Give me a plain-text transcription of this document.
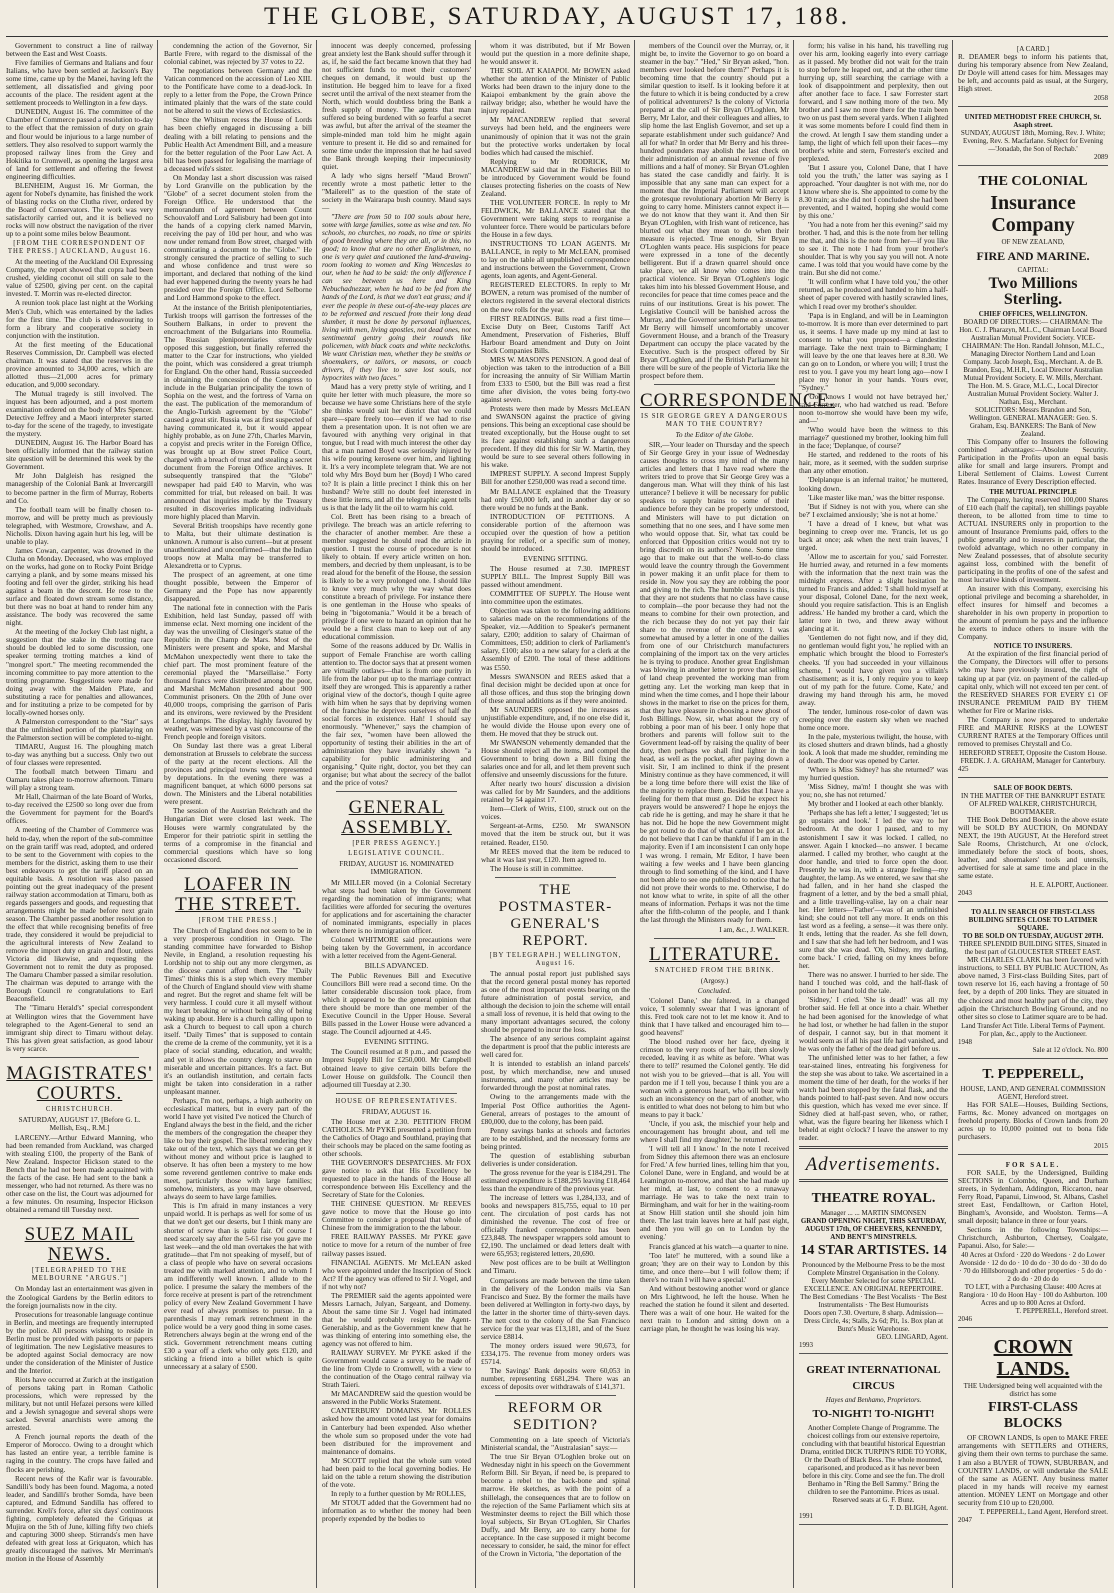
THE GLOBE, SATURDAY, AUGUST 17, 188.

Government to construct a line of railway between the East and West Coasts.

Five families of Germans and Italians and four Italians, who have been settled at Jackson's Bay some time, came up by the Manei, having left the settlement, all dissatisfied and giving poor accounts of the place. The resident agent at the settlement proceeds to Wellington in a few days.

DUNEDIN, August 16. The committee of the Chamber of Commerce passed a resolution to-day to the effect that the remission of duty on grain and flour would be injurious to a large number of settlers. They also resolved to support warmly the proposed railway lines from the Grey and Hokitika to Cromwell, as opening the largest area of land for settlement and offering the fewest engineering difficulties.

BLENHEIM, August 16. Mr Gorman, the agent for Nobel's dynamite, has finished the work of blasting rocks on the Clutha river, ordered by the Board of Conservators. The work was very satisfactorily carried out, and it is believed no rocks will now obstruct the navigation of the river up to a point some miles below Beaumont.

[FROM THE CORRESPONDENT OF THE PRESS.] AUCKLAND, August 16.

At the meeting of the Auckland Oil Expressing Company, the report showed that copra had been crushed, yielding coconut oil still on sale to the value of £2500, giving per cent. on the capital invested. T. Morrin was re-elected director.

A reunion took place last night at the Working Men's Club, which was entertained by the ladies for the first time. The club is endeavouring to form a library and cooperative society in conjunction with the institution.

At the first meeting of the Educational Reserves Commission, Dr. Campbell was elected chairman. It was stated that the reserves in the province amounted to 34,000 acres, which are allotted thus—21,000 acres for primary education, and 9,000 secondary.

The Mutual tragedy is still involved. The inquest has been adjourned, and a post mortem examination ordered on the body of Mrs Spencer. Detective Jeffrey and a Maori interpreter started to-day for the scene of the tragedy, to investigate the mystery.

DUNEDIN, August 16. The Harbor Board has been officially informed that the railway station site question will be determined this week by the Government.

Mr John Dalgleish has resigned the managership of the Colonial Bank at Invercargill to become partner in the firm of Murray, Roberts and Co.

The football team will be finally chosen to-morrow, and will be pretty much as previously telegraphed, with Westmore, Crowshaw, and A. Nicholls. Dixon having again hurt his leg, will be unable to play.

James Cowan, carpenter, was drowned in the Clutha on Monday. Deceased, who was employed on the works, had gone on to Rocky Point Bridge carrying a plank, and by some means missed his footing and fell over the girder, striking his head against a beam in the descent. He rose to the surface and floated down stream some distance, but there was no boat at hand to render him any assistance. The body was recovered the same night.

At the meeting of the Jockey Club last night, a suggestion that the stake in the trotting race should be doubled led to some discussion, one speaker terming trotting matches a kind of "mongrel sport." The meeting recommended the incoming committee to pay more attention to the trotting programme. Suggestions were made for doing away with the Maiden Plate, and substituting a race for penalties and allowances, and for instituting a prize to be competed for by locally-owned horses only.

A Palmerston correspondent to the "Star" says that the unfinished portion of the platelaying on the Palmerston section will be completed to-night.

TIMARU, August 16. The ploughing match to-day was anything but a success. Only two out of four classes were represented.

The football match between Timaru and Oamaru takes place to-morrow afternoon. Timaru will play a strong team.

Mr Hall, Chairman of the late Board of Works, to-day received the £2500 so long over due from the Government for payment for the Board's offices.

A meeting of the Chamber of Commerce was held to-day, when the report of the sub-committee on the grain tariff was read, adopted, and ordered to be sent to the Government with copies to the members for the district, asking them to use their best endeavours to get the tariff placed on an equitable basis. A resolution was also passed pointing out the great inadequacy of the present railway station accommodation at Timaru, both as regards passengers and goods, and requesting that arrangements might be made before next grain season. The Chamber passed another resolution to the effect that while recognising benefits of free trade, they considered it would be prejudicial to the agricultural interests of New Zealand to remove the import duty on grain and flour, unless Victoria did likewise, and requesting the Government not to remit the duty as proposed. The Oamaru Chamber passed a similar resolution. The chairman was deputed to arrange with the Borough Council re congratulations to Earl Beaconsfield.

The "Timaru Herald's" special correspondent at Wellington wires that the Government have telegraphed to the Agent-General to send an immigrant ship direct to Timaru without delay. This has given great satisfaction, as good labour is very scarce.

MAGISTRATES' COURTS.
CHRISTCHURCH.
SATURDAY, AUGUST 17. [Before G. L. Mellish, Esq., R.M.]

LARCENY.—Arthur Edward Manning, who had been remanded from Auckland, was charged with stealing £100, the property of the Bank of New Zealand. Inspector Hickson stated to the Bench that he had not been made acquainted with the facts of the case. He had sent to the bank a messenger, who had not returned. As there was no other case on the list, the Court was adjourned for a few minutes. On resuming, Inspector Hickson obtained a remand till Tuesday next.

SUEZ MAIL NEWS.
[TELEGRAPHED TO THE MELBOURNE "ARGUS."]

On Monday last an entertainment was given in the Zoological Gardens by the Berlin editors to the foreign journalists now in the city.

Prosecutions for treasonable language continue in Berlin, and meetings are frequently interrupted by the police. All persons wishing to reside in Berlin must be provided with passports or papers of legitimation. The new Legislative measures to be adopted against Social democracy are now under the consideration of the Minister of Justice and the Interior.

Riots have occurred at Zurich at the instigation of persons taking part in Roman Catholic processions, which were repressed by the military, but not until Hefazei persons were killed and a Jewish synagogue and several shops were sacked. Several anarchists were among the arrested.

A French journal reports the death of the Emperor of Morocco. Owing to a drought which has lasted an entire year, a terrible famine is raging in the country. The crops have failed and flocks are perishing.

Recent news of the Kafir war is favourable. Sandilli's body has been found. Magoma, a noted leader, and Sandilli's brother Somda, have been captured, and Edmund Sandilla has offered to surrender. Kreli's force, after six days' continuous fighting, completely defeated the Griquas at Mujira on the 5th of June, killing fifty two chiefs and capturing 3000 sheep. Stirrands's men have defeated with great loss at Griquaton, which has greatly discouraged the natives. Mr Merriman's motion in the House of Assembly

condemning the action of the Governor, Sir Bartle Frere, with regard to the dismissal of the colonial cabinet, was rejected by 37 votes to 22.

The negotiations between Germany and the Vatican commenced on the accession of Leo XIII. to the Pontificate have come to a dead-lock. In reply to a letter from the Pope, the Crown Prince intimated plainly that the wars of the state could not be altered to suit the views of Ecclesiastics.

Since the Whitsun recess the House of Lords has been chiefly engaged in discussing a bill dealing with a bill relating to pensions and the Public Health Act Amendment Bill, and a measure for the better regulation of the Poor Law Act. A bill has been passed for legalising the marriage of a deceased wife's sister.

On Monday last a short discussion was raised by Lord Granville on the publication by the "Globe" of a secret document stolen from the Foreign Office. He understood that the memorandum of agreement between Count Schouvaloff and Lord Salisbury had been got into the hands of a copying clerk named Marvin, receiving the pay of 10d per hour, and who was now under remand from Bow street, charged with communicating a document to the "Globe." He strongly censured the practice of selling to such and whose confidence and trust were so important, and declared that nothing of the kind had ever happened during the twenty years he had presided over the Foreign Office. Lord Selborne and Lord Hammond spoke to the effect.

At the instance of the British plenipotentiaries, Turkish troops will garrison the fortresses of the Southern Balkans, in order to prevent the encroachment of the Bulgarians into Roumelia. The Russian plenipotentiaries strenuously opposed this suggestion, but finally referred the matter to the Czar for instructions, who yielded the point, which was considered a great triumph for England. On the other hand, Russia succeeded in obtaining the concession of the Congress to include in the Bulgarian principality the town of Sophia on the west, and the fortress of Varna on the east. The publication of the memorandum of the Anglo-Turkish agreement by the "Globe" caused a great stir. Russia was at first suspected of having communicated it, but it would appear highly probable, as on June 27th, Charles Marvin, a copyist and precis writer in the Foreign Office, was brought up at Bow street Police Court, charged with a breach of trust and stealing a secret document from the Foreign Office archives. It subsequently transpired that the "Globe" newspaper had paid £40 to Marvin, who was committed for trial, but released on bail. It was announced that inquiries made by the Treasury resulted in discoveries implicating individuals more highly placed than Marvin.

Several British troopships have recently gone to Malta, but their ultimate destination is unknown. A rumour is also current—but at present unauthenticated and unconfirmed—that the Indian troops now at Malta may be transferred to Alexandretta or to Cyprus.

The prospect of an agreement, at one time thought possible, between the Emperor of Germany and the Pope has now apparently disappeared.

The national fete in connection with the Paris Exhibition, held last Sunday, passed off with immense eclat. Next morning one incident of the day was the unveiling of Clesinger's statue of the Republic in the Champ de Mars. Most of the Ministers were present and spoke, and Marshal McMahon unexpectedly went there to take the chief part. The most prominent feature of the ceremonial played the "Marseillaise." Forty thousand francs were distributed among the poor, and Marshal McMahon presented about 900 Communist prisoners. On the 20th of June over 40,000 troops, comprising the garrison of Paris and its environs, were reviewed by the President at Longchamps. The display, highly favoured by weather, was witnessed by a vast concourse of the French people and foreign visitors.

On Sunday last there was a great Liberal demonstration at Brussels to celebrate the success of the party at the recent elections. All the provinces and principal towns were represented by deputations. In the evening there was a magnificent banquet, at which 6000 persons sat down. The Ministers and the Liberal notabilities were present.

The session of the Austrian Reichrath and the Hungarian Diet were closed last week. The Houses were warmly congratulated by the Emperor for their patriotic spirit in settling the terms of a compromise in the financial and commercial questions which have so long occasioned discord.

LOAFER IN THE STREET.
[FROM THE PRESS.]

The Church of England does not seem to be in a very prosperous condition in Otago. The standing committee have forwarded to Bishop Nevile, in England, a resolution requesting his Lordship not to ship out any more clergymen, as the diocese cannot afford them. The "Daily Times" thinks this is a step which every member of the Church of England should view with shame and regret. But the regret and shame felt will be very harmless. I could cure it all myself without my heart breaking or without being shy of being waking up about. Here is a church calling upon to ask a Church to bequest to call upon a church itself. "Daily Times" that is supposed to contain the creme de la creme of the community, yet it is a place of social standing, education, and wealth; and yet it allows the country clergy to starve on miserable and uncertain pittances. It's a fact. But it's an outlandish institution, and certain facts might be taken into consideration in a rather unpleasant manner.

Perhaps, I'm not, perhaps, a high authority on ecclesiastical matters, but in every part of the world I have yet visited I've noticed the Church of England always the best in the field, and the richer the members of the congregation the cheaper they like to buy their gospel. The liberal rendering they take out of the text, which says that we can get it without money and without price is laughed to observe. It has often been a mystery to me how some reverend gentlemen contrive to make ends meet, particularly those with large families; somehow, ministers, as you may have observed, always do seem to have large families.

This is I'm afraid in many instances a very unpaid world. It is perhaps as well for some of us that we don't get our deserts, but I think many are shorter of screw than is quite fair. Of course I need scarcely say after the 5-61 rise you gave me last week—and the old man overtakes the hat with gratitude—that I'm not speaking of myself, but of a class of people who have on several occasions treated me with marked attention, and to whom I am indifferently well known. I allude to the police. I presume the salary the members of the force receive at present is part of the retrenchment policy of every New Zealand Government I have ever read of always promises to pursue. In a parenthesis I may remark retrenchment in the police would be a very good thing in some cases. Retrenchers always begin at the wrong end of the stick. Government retrenchment means cutting £30 a year off a clerk who only gets £120, and sticking a friend into a billet which is quite unnecessary at a salary of £500.

innocent was deeply concerned, professing great anxiety lest the Bank should suffer through it as, if, he said the fact became known that they had not sufficient funds to meet their customers' cheques on demand, it would bust up the institution. He begged him to leave for a fixed secret until the arrival of the next steamer from the North, which would doubtless bring the Bank a fresh supply of money. The agents that man suffered so being burdened with so fearful a secret was awful, but after the arrival of the steamer the simple-minded man told him he might again venture to present it. He did so and remained for some time under the impression that he had saved the Bank through keeping their impecuniosity quiet.

A lady who signs herself "Maud Brown" recently wrote a most pathetic letter to the "Mailerell" as to the question of the state of society in the Wairarapa bush country. Maud says—

"There are from 50 to 100 souls about here, some with large families, some as wise and ten. No schools, no churches, no roads, no time or spirits of good breeding where they are all, or in this, no good; to know that are no other Englishmen, no one is very quiet and cautioned the land-drawing-room looking to women and King Wenceslas to our, when he had to be said: the only difference I can see between us here and King Nebuchadnezzar, when he had to be fed from the hands of the Lord, is that we don't eat grass; and if ever the people in these out-of-the-way places are to be reformed and rescued from their long dead slumber, it must be done by personal influences, living with men, living apostles, not dead ones, not sentimental gentry going their rounds like policemen, with black coats and white neckcloths. We want Christian men, whether they be smiths or shoemakers, or tailors, or masons, or coach drivers, if they live to save lost souls, not hypocrites with two faces."

Maud has a very pretty style of writing, and I quite her letter with much pleasure, the more so because we have some Christians here of the style she thinks would suit her district that we could spare—spare freely too—even if we had to rise them a presentation upon. It is not often we are favoured with anything very original in that tongue, but I read with much interest the other day that a man named Boyd was seriously injured by his wife pouring kerosene over him, and lighting it. It's a very incomplete telegram that. We are not told why Mrs Boyd burn her (Boyd) I Who cared to? It is plain a little precinct I think this on her husband? We're still no doubt feel interested in these little items, and all the telegraphic agent tells us is that the lady lit the oil to warm his cold.

Col. Brett has been rising to a breach of privilege. The breach was an article referring to the character of another member. Are these a member suggested he should read the article in question. I trust the course of procedure is not likely to obtain. If every article written on hon. members, and decried by them unpleasant, is to be read aloud for the benefit of the House, the session is likely to be a very prolonged one. I should like to know very much why the way what does constitute a breach of privilege. For instance there is one gentleman in the House who speaks of being in "bigotomania." Would it be a breach of privilege if one were to hazard an opinion that he would be a first class man to keep out of any educational commission.

Some of the reasons adduced by Dr. Wallis in support of Female Franchise are worth calling attention to. The doctor says that at present women are virtually outlaws—that is from one purity in life from the labor put up to the marriage contract itself they are wronged. This is apparently a rather original view of the doctor's, though I quite agree with him when he says that by depriving women of the franchise he deprives ourselves of half the social forces in existence. Hah! I should say enormously. "Whenever," says the champion of the fair sex, "women have been allowed the opportunity of testing their abilities in the art of administration they have invariably shown "a capability for public administering and organising." Quite right, doctor, you bet they can organise; but what about the secrecy of the ballot and the price of votes?

GENERAL ASSEMBLY.
[PER PRESS AGENCY.]
LEGISLATIVE COUNCIL.
FRIDAY, AUGUST 16. NOMINATED IMMIGRATION.

Mr MILLER moved (in a Colonial Secretary what steps had been taken by the Government regarding the nomination of immigrants; what facilities were afforded for securing the overtures for applications and for ascertaining the character of nominated immigrants, especially in places where there is no immigration officer.

Colonel WHITMORE said precautions were being taken by the Government, in accordance with a letter received from the Agent-General.

BILLS ADVANCED.

The Public Revenues Bill and Executive Councillors Bill were read a second time. On the latter considerable discussion took place, from which it appeared to be the general opinion that there should be more than one member of the Executive Council in the Upper House. Several Bills passed in the Lower House were advanced a stage. The Council adjourned at 4.45.

EVENING SITTING.

The Council resumed at 8 p.m., and passed the Imprest Supply Bill for £250,000. Mr Campbell obtained leave to give certain bills before the Lower House on guildsfolk. The Council then adjourned till Tuesday at 2.30.

HOUSE OF REPRESENTATIVES.
FRIDAY, AUGUST 16.

The House met at 2.30. PETITION FROM CATHOLICS. Mr PYKE presented a petition from the Catholics of Otago and Southland, praying that their schools may be placed on the same footing as other schools.

THE GOVERNOR'S DESPATCHES. Mr FOX gave notice to ask that His Excellency be requested to place in the hands of the House all correspondence between His Excellency and the Secretary of State for the Colonies.

THE CHINESE QUESTION. Mr REEVES gave notice to move that the House go into Committee to consider a proposal that whole of Chinese from the immigration to the the labour.

FREE RAILWAY PASSES. Mr PYKE gave notice to move for a return of the number of free railway passes issued.

FINANCIAL AGENTS. Mr McLEAN asked who were appointed under the Inscription of Stock Act? If the agency was offered to Sir J. Vogel, and if not why not?

The PREMIER said the agents appointed were Messrs Larnach, Julyan, Sargeant, and Domeny. About the same time Sir J. Vogel had intimated that he would probably resign the Agent-Generalship, and as the Government knew that he was thinking of entering into something else, the agency was not offered to him.

RAILWAY SURVEY. Mr PYKE asked if the Government would cause a survey to be made of the line from Clyde to Cromwell, with a view to the continuation of the Otago central railway via Strath Taieri.

Mr MACANDREW said the question would be answered in the Public Works Statement.

CANTERBURY DOMAINS. Mr ROLLES asked how the amount voted last year for domains in Canterbury had been expended. Also whether the whole sum so proposed under the vote had been distributed for the improvement and maintenance of domains.

Mr SCOTT replied that the whole sum voted had been paid to the local governing bodies. He laid on the table a return showing the distribution of the vote.

In reply to a further question by Mr ROLLES,

Mr STOUT added that the Government had no information as to whether the money had been properly expended by the bodies to

whom it was distributed, but if Mr Bowen would put the question in a more definite shape, he would answer it.

THE SOIL AT KAIAPOI. Mr BOWEN asked whether the attention of the Minister of Public Works had been drawn to the injury done to the Kaiapoi embankment by the grain above the railway bridge; also, whether he would have the injury repaired.

Mr MACANDREW replied that several surveys had been held, and the engineers were unanimously of opinion that it was not the grain but the protective works undertaken by local bodies which had caused the mischief.

Replying to Mr RODRICK, Mr MACANDREW said that in the Fisheries Bill to be introduced by Government would be found clauses protecting fisheries on the coasts of New Zealand.

THE VOLUNTEER FORCE. In reply to Mr FELDWICK, Mr BALLANCE stated that the Government were taking steps to reorganise a volunteer force. There would be particulars before the House in a few days.

INSTRUCTIONS TO LOAN AGENTS. Mr BALLANCE, in reply to Mr McLEAN, promised to lay on the table all unpublished correspondence and instructions between the Government, Crown agents, loan agents, and Agent-General.

REGISTERED ELECTORS. In reply to Mr BOWEN, a return was promised of the number of electors registered in the several electoral districts on the new rolls for the year.

FIRST READINGS. Bills read a first time—Excise Duty on Beer, Customs Tariff Act Amendment, Preservation of Fisheries, Bluff Harbour Board amendment and Duty on Joint Stock Companies Bills.

MRS W. MASON'S PENSION. A good deal of objection was taken to the introduction of a Bill for increasing the annuity of Sir William Martin from £333 to £500, but the Bill was read a first time after division, the votes being forty-two against seven.

Protests were then made by Messrs McLEAN and SWANSON against the practice of giving pensions. This being an exceptional case should be treated exceptionally, but the House ought to set its face against establishing such a dangerous precedent. If they did this for Sir W. Martin, they would be sure to see several others following in his wake.

IMPREST SUPPLY. A second Imprest Supply Bill for another £250,000 was read a second time.

Mr BALLANCE explained that the Treasury had only £50,000 left, and in another day or so there would be no funds at the Bank.

INTRODUCTION OF PETITIONS. A considerable portion of the afternoon was occupied over the question of how a petition praying for relief, or a specific sum of money, should be introduced.

EVENING SITTING.

The House resumed at 7.30. IMPREST SUPPLY BILL. The Imprest Supply Bill was passed without amendment.

COMMITTEE OF SUPPLY. The House went into committee upon the estimates.

Objection was taken to the following additions to salaries made on the recommendations of the Speaker, viz.—Addition to Speaker's permanent salary, £200; addition to salary of Chairman of Committees, £50; addition to clerk of Parliament's salary, £100; also to a new salary for a clerk at the Assembly of £200. The total of these additions was £550.

Messrs SWANSON and REES asked that a final decision might be decided upon at once for all those offices, and thus stop the bringing down of these annual additions as if they were anointed.

Mr SAUNDERS opposed the increases as unjustifiable expenditure, and, if no one else did it, he would divide the House upon every one of them. He moved that they be struck out.

Mr SWANSON vehemently demanded that the House should reject all the items, and compel the Government to bring down a Bill fixing the salaries once and for all, and let them prevent such offensive and unseemly discussions for the future.

After nearly two hours' discussion a division was called for by Mr Saunders, and the additions retained by 54 against 17.

Item—Clerk of Writs, £100, struck out on the voices.

Sergeant-at-Arms, £250. Mr SWANSON moved that the item be struck out, but it was retained. Reader, £150.

Mr REES moved that the item be reduced to what it was last year, £120. Item agreed to.

The House is still in committee.

THE POSTMASTER-GENERAL'S REPORT.
[BY TELEGRAPH.] WELLINGTON, August 16.

The annual postal report just published says that the record general postal money has reported as one of the most important events bearing on the future administration of postal service, and although the decision to join the scheme will entail a small loss of revenue, it is held that owing to the many important advantages secured, the colony should be prepared to incur the loss.

The absence of any serious complaint against the department is proof that the public interests are well cared for.

It is intended to establish an inland parcels' post, by which merchandise, new and unused instruments, and many other articles may be forwarded through the post at nominal rates.

Owing to the arrangements made with the Imperial Post Office authorities the Agent-General, arrears of postages to the amount of £80,000, due to the colony, has been paid.

Penny savings banks at schools and factories are to be established, and the necessary forms are being printed.

The question of establishing suburban deliveries is under consideration.

The gross revenue for the year is £184,291. The estimated expenditure is £188,295 leaving £18,464 less than the expenditure of the previous year.

The increase of letters was 1,284,133, and of books and newspapers 815,755, equal to 10 per cent. The circulation of post cards has not diminished the revenue. The cost of free or officially franked correspondence has been £23,848. The newspaper wrappers sold amount to £2,190. The unclaimed or dead letters dealt with were 65,953; registered letters, 20,690.

New post offices are to be built at Wellington and Timaru.

Comparisons are made between the time taken in the delivery of the London mails via San Francisco and Suez. By the former the mails have been delivered at Wellington in forty-two days, by the latter in the shorter time of thirty-seven days. The nett cost to the colony of the San Francisco service for the year was £13,181, and of the Suez service £8814.

The money orders issued were 90,673, for £334,175. The revenue from money orders was £5714.

The Savings' Bank deposits were 60,053 in number, representing £681,294. There was an excess of deposits over withdrawals of £141,371.

REFORM OR SEDITION?

Commenting on a late speech of Victoria's Ministerial scandal, the "Australasian" says:—

The true Sir Bryan O'Loghlen broke out on Wednesday night in his speech on the Government Reform Bill. Sir Bryan, if need be, is prepared to become a rebel to the back-bone and spinal marrow. He sketches, as with the point of a shillelagh, the consequences that are to follow on the rejection of the Same Parliament which sits at Westminster deems to reject the Bill which those loyal subjects, Sir Bryan O'Loghlen, Sir Charles Duffy, and Mr Berry, are to carry home for acceptance. In the case supposed it might become necessary to consider, he said, the minor for effect of the Crown in Victoria, "the deportation of the

members of the Council over the Murray, or, it might be, to invite the Governor to go on board a steamer in the bay." "Hed," Sir Bryan asked, "hon. members ever looked before them?" Perhaps it is becoming time that the country should put a similar question to itself. Is it looking before it at the future to which it is being conducted by a crew of political adventurers? Is the colony of Victoria prepared at the call of Sir Bryan O'Loghlen, Mr Berry, Mr Lalor, and their colleagues and allies, to slip home the last English Governor, and set up a separate establishment under such guidance? And all for what? In order that Mr Berry and his three-hundred pounders may abolish the last check on their administration of an annual revenue of five millions and a half of money. Sir Bryan O'Loghlen has stated the case candidly and fairly. It is impossible that any sane man can expect for a moment that the Imperial Parliament will accept the grotesque revolutionary abortion Mr Berry is going to carry home. Ministers cannot expect it—we do not know that they want it. And then Sir Bryan O'Loghlen, with Irish want of reticence, has blurted out what they mean to do when their measure is rejected. True enough, Sir Bryan O'Loghlen wants peace. His suspicions for peace were expressed in a tone of the decently belligerent. But if a drawn quarrel should once take place, we all know who comes into the practical violence. Sir Bryan O'Loghlen's logic takes him into his blessed Government House, and reconciles for peace that time comes peace and the ruins of our institutions. Great is his power. The Legislative Council will be banished across the Murray, and the Governor sent home on a steamer. Mr Berry will himself uncomfortably uncover Government House, and a branch of the Treasury Department can occupy the place vacated by the Executive. Such is the prospect offered by Sir Bryan O'Loghlen, and if the British Parliament hit there will be sure of the people of Victoria like the prospect before them.

CORRESPONDENCE.
IS SIR GEORGE GREY A DANGEROUS MAN TO THE COUNTRY?
To the Editor of the Globe.

SIR,—Your leader on Thursday and the speech of Sir George Grey in your issue of Wednesday causes thoughts to cross my mind of the many articles and letters that I have read where the writers tried to prove that Sir George Grey was a dangerous man. What will they think of his last utterance? I believe it will be necessary for public speakers to supply brains to some of their audience before they can be properly understood, and Ministers will have to put dictation on something that no one sees, and I have some men who would oppose that. Sir, what tax could be enforced that Opposition critics would not try to bring discredit on its authors? None. Some time ago that to make out that the well-to-do class would leave the country through the Government in power making it an unfit place for them to reside in. Now you say they are robbing the poor and giving to the rich. The humble cousins is this, that they are not students that no class have cause to complain—the poor because they had not the means to combine for their own protection, and the rich because they do not yet pay their fair share to the revenue of the country. I was somewhat amused by a letter in one of the dailies from one of our Christchurch manufacturers complaining of the import tax on the very articles he is trying to produce. Another great Englishman was blowing in another letter to prove that selling of land cheap prevented the working man from getting any. Let the working man keep that in mind when the time comes, and I hope their labour shows in the market to rise on the prices for them, that they have pleasure in choosing a new ghost of Josh Billings. Now, sir, what about the cry of robbing a poor man of his beer. I only hope that brothers and parents will follow suit to the Government lead-off by raising the quality of beer duty, then perhaps we shall find lighter in the head, as well as the pocket, after paying down a visit. Sir, I am inclined to think if the present Ministry continue as they have commenced, it will be a long time before there will exist the like of the majority to replace them. Besides that I have a feeling for them that must go. Did he expect his prayers would be answered? I hope he enjoys the cab ride he is getting, and may he share it that he has not. Did he hope the new Government might be got round to do that of what cannot be got at. I do not believe that I can be thankful if I am in the majority. Even if I am inconsistent I can only hope I was wrong. I remain, Mr Editor, I have been waiting a few weeks and I have been glancing through to find something of the kind, and I have not been able to see one published to notice that he did not prove their words to me. Otherwise, I do not know what to write, in spite of all the other means of information. Perhaps it was not the time after the fifth-column of the people, and I thank the last through the Ministers ready for them.

I am, &c., J. WALKER.
LITERATURE.
SNATCHED FROM THE BRINK.
(Argosy.)
Concluded.

'Colonel Dane,' she faltered, in a changed voice, 'I solemnly swear that I was ignorant of this. Fred took care not to let me know it. And to think that I have talked and encouraged him to—good heavens!'

The blood rushed over her face, dyeing it crimson to the very roots of her hair, then slowly receded, leaving it as white as before. 'What was there to tell?' resumed the Colonel gently. 'He did not wish you to be grieved—that is all. You will pardon me if I tell you, because I think you are a woman with a generous heart, who will bear with such an inconsistency on the part of another, who is entitled to what does not belong to him but who means to pay it back.'

'Uncle, if you ask, the mischief your help and encouragement has brought about, and tell me where I shall find my daughter,' he returned.

'I will tell all I know.' In the note I received from Sidney this afternoon there was an enclosure for Fred.' A few hurried lines, telling him that you, Colonel Dane, were in England, and would be at Leamington to-morrow, and that she had made up her mind, at last, to consent to a runaway marriage. He was to take the next train to Birmingham, and wait for her in the waiting-room at Snow Hill station until she should join him there. The last train leaves here at half past eight, and then you will go on to London by the evening.'

Francis glanced at his watch—a quarter to nine.

'Too late!' he muttered, with a sound like a groan; 'they are on their way to London by this time, and once there—but I will follow them; if there's no train I will have a special.'

And without bestowing another word or glance on Mrs Lightwood, he left the house. When he reached the station he found it silent and deserted. There was a wait of one hour. He waited for the next train to London and sitting down on a carriage plan, he thought he was losing his way.

form; his valise in his hand, his travelling rug over his arm, looking eagerly into every carriage as it passed. My brother did not wait for the train to stop before he leaped out, and at the other time hurrying up, still searching the carriage with a look of disappointment and perplexity, then out after another face to face. I saw Forrester start forward, and I saw nothing more of the two. My brother and I saw no more there for the train been two on us past them several yards. When I alighted it was some moments before I could find them in the crowd. At length I saw them standing under a lamp, the light of which fell upon their faces—my brother's white and stern, Forrester's excited and perplexed.

'But I assure you, Colonel Dane, that I have told you the truth,' the latter was saying as I approached. 'Your daughter is not with me, nor do I know where she is. She appointed to come by the 8.30 train; as she did not I concluded she had been prevented, and I waited, hoping she would come by this one.'

'You had a note from her this evening?' said my brother. 'I had, and this is the note from her telling me that, and this is the note from her—if you like to see it. The note I had from your brother's shoulder. That is why you say you will not. A note came. I was told that you would have come by the train. But she did not come.'

'It will confirm what I have told you,' the other returned, as he produced and handed to him a half-sheet of paper covered with hastily scrawled lines, which I read over my brother's shoulder.

'Papa is in England, and will be in Leamington to-morrow. It is more than ever determined to part us, it seems. I have made up my mind at last to consent to what you proposed—a clandestine marriage. Take the next train to Birmingham; I will leave by the one that leaves here at 8.30. We can go on to London, or where you will; I trust the rest to you. I gave you my heart long ago—now I place my honor in your hands. Yours ever, "Sydney."

'God knows I would not have betrayed her,' said Forrester, who had watched us read. 'Before noon to-morrow she would have been my wife, and—'

'Who would have been the witness to this marriage?' questioned my brother, looking him full in the face; 'Deplanque, of course?'

He started, and reddened to the roots of his hair, more, as it seemed, with the sudden surprise than any other emotion.

'Delplanque is an infernal traitor,' he muttered, looking down.

'Like master like man,' was the bitter response.

'But if Sidney is not with you, where can she be?' I exclaimed anxiously; 'she is not at home.'

'I have a dread of I knew, but what was beginning to creep over me. 'Francis, let us go back at once; ask when the next train leaves,' I urged.

'Allow me to ascertain for you,' said Forrester. He hurried away, and returned in a few moments with the information that the next train was the midnight express. After a slight hesitation he turned to Francis and added: 'I shall hold myself at your disposal, Colonel Dane, for the next week, should you require satisfaction. This is an English address.' He handed my brother a card, which the latter tore in two, and threw away without glancing at it.

'Gentlemen do not fight now, and if they did, no gentleman would fight you,' he replied with an emphatic which brought the blood to Forrester's cheeks. 'If you had succeeded in your villainous scheme, I would have given you a villain's chastisement; as it is, I only require you to keep out of my path for the future. Come, Kate,' and drawing my hand through his arm, he moved away.

The tender, luminous rose-color of dawn was creeping over the eastern sky when we reached home once more.

In the pale, mysterious twilight, the house, with its closed shutters and drawn blinds, had a ghostly look. A look that made me shudder, reminding me of death. The door was opened by Carter.

'Where is Miss Sidney? has she returned?' was my hurried question.

'Miss Sidney, ma'm! I thought she was with you; no, she has not returned.'

My brother and I looked at each other blankly.

'Perhaps she has left a letter,' I suggested; 'let us go upstairs and look.' I led the way to her bedroom. At the door I paused, and to my astonishment I saw it was locked. I called, no answer. Again I knocked—no answer. I became alarmed. I called my brother, who caught at the door handle, and tried to force open the door. Presently he was in, with a strange feeling—my daughter, the lamp. As we entered, we saw that she had fallen, and in her hand she clasped the fragment of a letter, and by the bed a small phial, and a little travelling-valise, lay on a chair near her. Her letters—'Father'—was of an unfinished kind; she could not tell any more. It ends on this last word as a feeling, a sense—it was there only. It ends, letting that the reader. As she fell down, and I saw that she had left her bedroom, and I was sure that she was dead. 'Oh, Sidney, my darling, come back.' I cried, falling on my knees before her.

There was no answer. I hurried to her side. The hand I touched was cold, and the half-flask of poison in her hand told the tale.

'Sidney,' I cried. 'She is dead!' was all my brother said. He fell at once into a chair. Whether he had been agonised for the knowledge of what he had lost, or whether he had fallen in the stupor of despair, I cannot say, but in that moment it would seem as if all his past life had vanished, and he was only the father of the dead girl before us.

The unfinished letter was to her father, a few tear-stained lines, entreating his forgiveness for the step she was about to take. We ascertained in a moment the time of her death, for the works if her watch had been stopped by the fatal flask, and the hands pointed to half-past seven. And now occurs this question, which has vexed me ever since. If Sidney died at half-past seven, who, or rather, what, was the figure bearing her likeness which I beheld at eight o'clock? I leave the answer to my reader.

Advertisements.
THEATRE ROYAL.
Manager ... ... MARTIN SIMONSEN
GRAND OPENING NIGHT, THIS SATURDAY, AUGUST 17th, OF CHEEVERS, KENNEDY, AND BENT'S MINSTRELS.
14 STAR ARTISTES. 14
Pronounced by the Melbourne Press to be the most Complete Minstrel Organisation in the Colony. Every Member Selected for some SPECIAL EXCELLENCE. AN ORIGINAL REPERTOIRE. The Best Comedians · The Best Vocalists · The Best Instrumentalists · The Best Humourists
Doors open 7.30. Overture, 8 sharp. Admission—Dress Circle, 4s; Stalls, 2s 6d; Pit, 1s. Box plan at Bunz's Music Warehouse.
GEO. LINGARD, Agent.
1993
GREAT INTERNATIONAL CIRCUS
Hayes and Benhamo, Proprietors.
TO-NIGHT! TO-NIGHT!
Another Complete Change of Programme. The choicest collings from our extensive repertoire, concluding with that beautiful historical Equestrian Drama, entitled DICK TURPIN'S RIDE TO YORK, Or the Death of Black Bess. The whole mounted, caparisoned, and produced as it has never been before in this city. Come and see the fun. The droll Benhamo in "Ring the Bell Sammy." Bring the children to see the Pantomime. Prices as usual. Reserved seats at G. F. Bunz.
T. D. BLIGH, Agent.
1991
[A CARD.]

R. DEAMER begs to inform his patients that, during his temporary absence from New Zealand, Dr Doyle will attend cases for him. Messages may be left, and accounts paid as usual, at the Surgery, High street.

2058
UNITED METHODIST FREE CHURCH, St. Asaph street.
SUNDAY, AUGUST 18th, Morning, Rev. J. White; Evening, Rev. S. Macfarlane. Subject for Evening—'Jonadab, the Son of Rechab.'
2089
THE COLONIAL
Insurance Company
OF NEW ZEALAND,
FIRE AND MARINE.
CAPITAL:
Two Millions Sterling.
CHIEF OFFICES, WELLINGTON.
BOARD OF DIRECTORS:— CHAIRMAN: The Hon. C. J. Pharazyn, M.L.C., Chairman Local Board Australian Mutual Provident Society. VICE-CHAIRMAN: The Hon. Randall Johnson, M.L.C., Managing Director Northern Land and Loan Company. Jacob Joseph, Esq., Merchant. A. de B. Brandon, Esq., M.H.R., Local Director Australian Mutual Provident Society. E. W. Mills, Merchant. The Hon. M. S. Grace, M.L.C., Local Director Australian Mutual Provident Society. Walter J. Nathan, Esq., Merchant.
SOLICITORS: Messrs Brandon and Son, Wellington. GENERAL MANAGER: Geo. S. Graham, Esq. BANKERS: The Bank of New Zealand.

This Company offer to Insurers the following combined advantages:—Absolute Security. Participation in the Profits upon an equal basis alike for small and large insurers. Prompt and Liberal Settlement of Claims. Lowest Current Rates. Insurance of Every Description effected.

THE MUTUAL PRINCIPLE

The Company, having reserved 100,000 Shares of £10 each (half the capital), ten shillings payable thereon, to be allotted from time to time to ACTUAL INSURERS only in proportion to the amount of Insurance Premiums paid, offers to the public generally and to insurers in particular, the twofold advantage, which no other company in New Zealand possesses, that of absolute security against loss, combined with the benefit of participating in the profits of one of the safest and most lucrative kinds of investment.

An insurer with this Company, exercising his optional privilege and becoming a shareholder, in effect insures for himself and becomes a shareholder in his own property in proportion to the amount of premium he pays and the influence he exerts to induce others to insure with the Company.

NOTICE TO INSURERS.

At the expiration of the first financial period of the Company, the Directors will offer to persons who may have previously insured, the right of taking up at par (viz. on payment of the called-up capital only, which will not exceed ten per cent. of the RESERVED SHARES FOR EVERY £1 OF INSURANCE PREMIUM PAID BY THEM whether for Fire or Marine risks.

The Company is now prepared to undertake FIRE and MARINE RISKS at the LOWEST CURRENT RATES at the Temporary Offices until removed to premises Chrystall and Co.

HEREFORD STREET, Opposite the Custom House. FREDK. J. A. GRAHAM, Manager for Canterbury.
425
SALE OF BOOK DEBTS.
IN THE MATTER OF THE BANKRUPT ESTATE OF ALFRED WALKER, CHRISTCHURCH, BOOTMAKER.

THE Book Debts and Books in the above estate will be SOLD BY AUCTION, On MONDAY NEXT, the 19th AUGUST, At the Hereford street Sale Rooms, Christchurch, At one o'clock, immediately before the stock of boots, shoes, leather, and shoemakers' tools and utensils, advertised for sale at same time and place in the same estate.

H. E. ALPORT, Auctioneer.
2043
TO ALL IN SEARCH OF FIRST-CLASS BUILDING SITES CLOSE TO LATIMER SQUARE.
TO BE SOLD ON TUESDAY, AUGUST 20TH.
THREE SPLENDID BUILDING SITES, Situated in the best part of GLOUCESTER STREET EAST.

MR CHARLES CLARK has been favored with instructions, to SELL BY PUBLIC AUCTION, As above named, 3 First-class Building Sites, part of town reserve lot 16, each having a frontage of 50 feet, by a depth of 200 links. They are situated in the choicest and most healthy part of the city, they adjoin the Christchurch Bowling Ground, and no other sites so close to Latimer square are to be had.

Land Transfer Act Title. Liberal Terms of Payment. For plan, &c., apply to the Auctioneer.
1948
Sale at 12 o'clock. No. 800
T. PEPPERELL,
HOUSE, LAND, AND GENERAL COMMISSION AGENT, Hereford street.

Has FOR SALE—Houses, Building Sections, Farms, &c. Money advanced on mortgages on freehold property. Blocks of Crown lands from 20 acres up to 10,000 pointed out to bona fide purchasers.

2015
FOR SALE.

FOR SALE, by the Undersigned, Building SECTIONS in Colombo, Queen, and Durham streets, in Sydenham, Addington, Riccarton, near Ferry Road, Papanui, Linwood, St. Albans, Cashel street East, Fendalltown, or Carlton Hotel, Bingham's, Avonside, and Woolston. Terms—A small deposit; balance in three or four years.

Sections in the following Townships:—Christchurch, Ashburton, Chertsey, Coalgate, Papanui. Also, for Sale:—

40 Acres at Oxford · 220 do Weedons · 2 do Lower Avonside · 12 do do · 10 do do · 30 do do · 30 do do · 70 do Hillsborough and other properties · 5 do do · 2 do do · 20 do do
TO LET, with a Purchasing Clause: 400 Acres at Rangiora · 10 do Hoon Hay · 100 do Ashburton. 100 Acres and up to 800 Acres at Oxford.
T. PEPPERELL, Hereford street.
2046
CROWN LANDS.
THE Undersigned being well acquainted with the district has some
FIRST-CLASS BLOCKS

OF CROWN LANDS, Is open to MAKE FREE arrangements with SETTLERS and OTHERS, giving them their own terms to purchase the same. I am also a BUYER of TOWN, SUBURBAN, and COUNTRY LANDS, or will undertake the SALE of the same as AGENT. Any business matter placed in my hands will receive my earnest attention. MONEY LENT on Mortgage and other security from £10 up to £20,000.

T. PEPPERELL, Land Agent, Hereford street.
2047
